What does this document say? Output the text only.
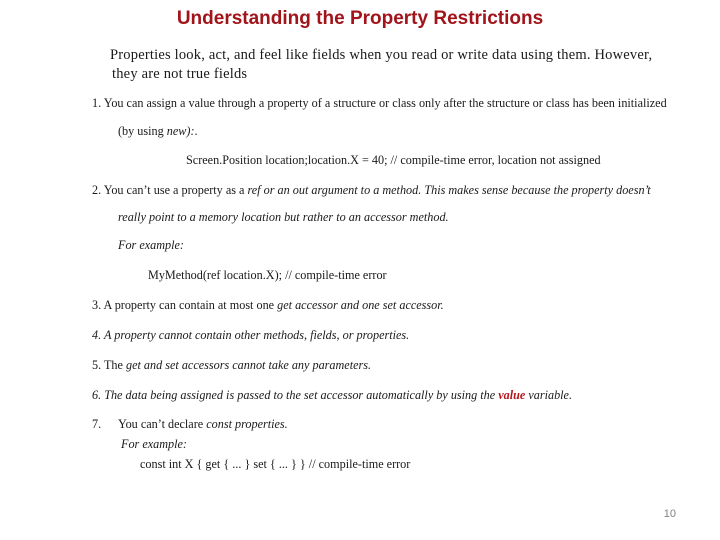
Understanding the Property Restrictions
Properties look, act, and feel like fields when you read or write data using them. However,
they are not true fields
1. You can assign a value through a property of a structure or class only after the structure or class has been initialized
(by using new):.
Screen.Position location;location.X = 40; // compile-time error, location not assigned
2. You can’t use a property as a ref or an out argument to a method. This makes sense because the property doesn’t
really point to a memory location but rather to an accessor method.
For example:
MyMethod(ref location.X); // compile-time error
3. A property can contain at most one get accessor and one set accessor.
4. A property cannot contain other methods, fields, or properties.
5. The get and set accessors cannot take any parameters.
6. The data being assigned is passed to the set accessor automatically by using the value variable.
7. You can’t declare const properties.
For example:
const int X { get { ... } set { ... } } // compile-time error
10
